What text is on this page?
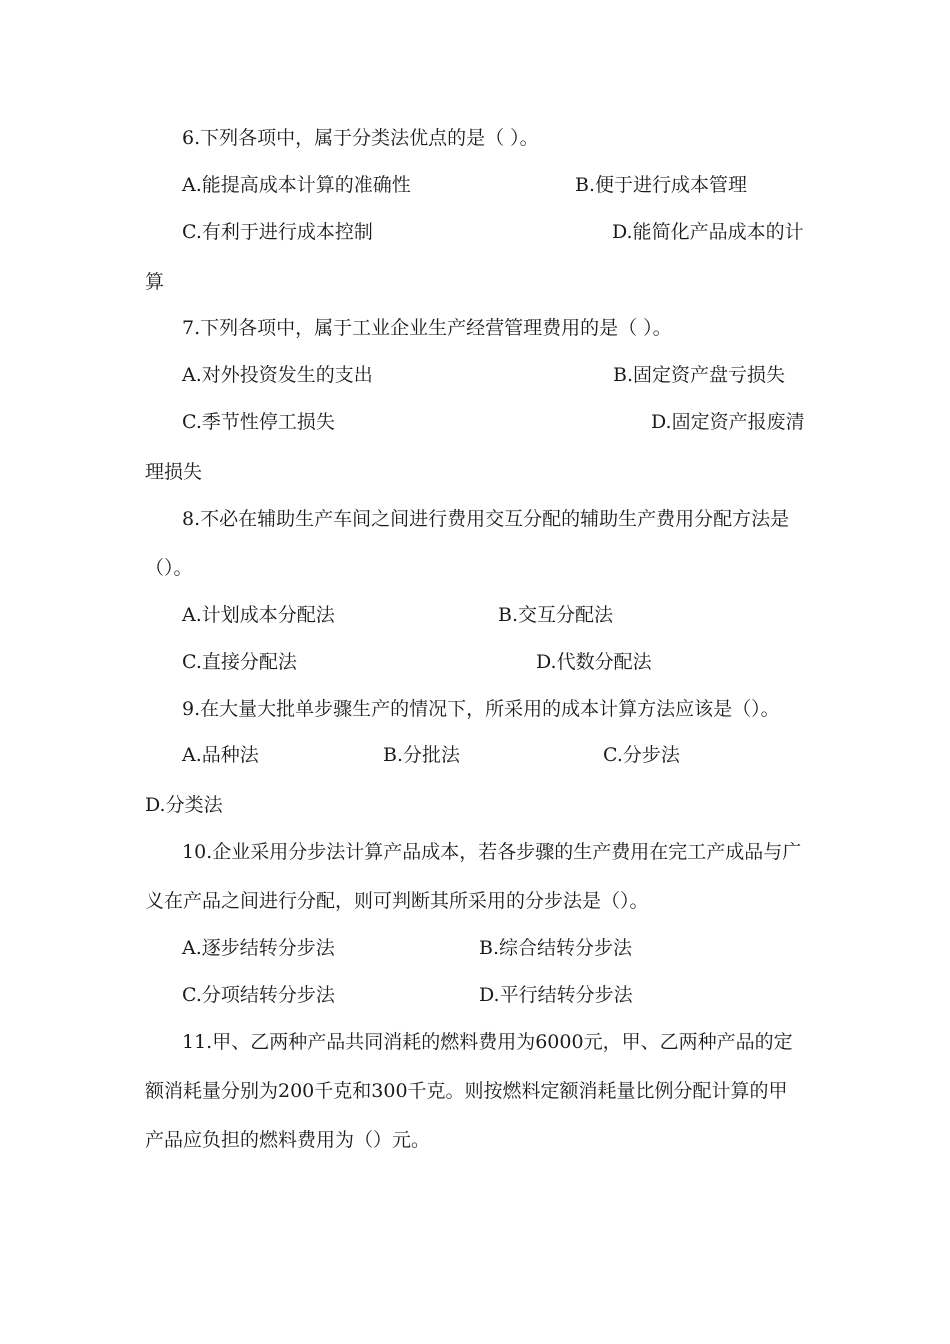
6.下列各项中，属于分类法优点的是（ ）。
A.能提高成本计算的准确性	B.便于进行成本管理
C.有利于进行成本控制	D.能简化产品成本的计
算
7.下列各项中，属于工业企业生产经营管理费用的是（ ）。
A.对外投资发生的支出	B.固定资产盘亏损失
C.季节性停工损失	D.固定资产报废清
理损失
8.不必在辅助生产车间之间进行费用交互分配的辅助生产费用分配方法是
（）。
A.计划成本分配法	B.交互分配法
C.直接分配法	D.代数分配法
9.在大量大批单步骤生产的情况下，所采用的成本计算方法应该是（）。
A.品种法	B.分批法	C.分步法
D.分类法
10.企业采用分步法计算产品成本，若各步骤的生产费用在完工产成品与广
义在产品之间进行分配，则可判断其所采用的分步法是（）。
A.逐步结转分步法	B.综合结转分步法
C.分项结转分步法	D.平行结转分步法
11.甲、乙两种产品共同消耗的燃料费用为6000元，甲、乙两种产品的定
额消耗量分别为200千克和300千克。则按燃料定额消耗量比例分配计算的甲
产品应负担的燃料费用为（）元。
